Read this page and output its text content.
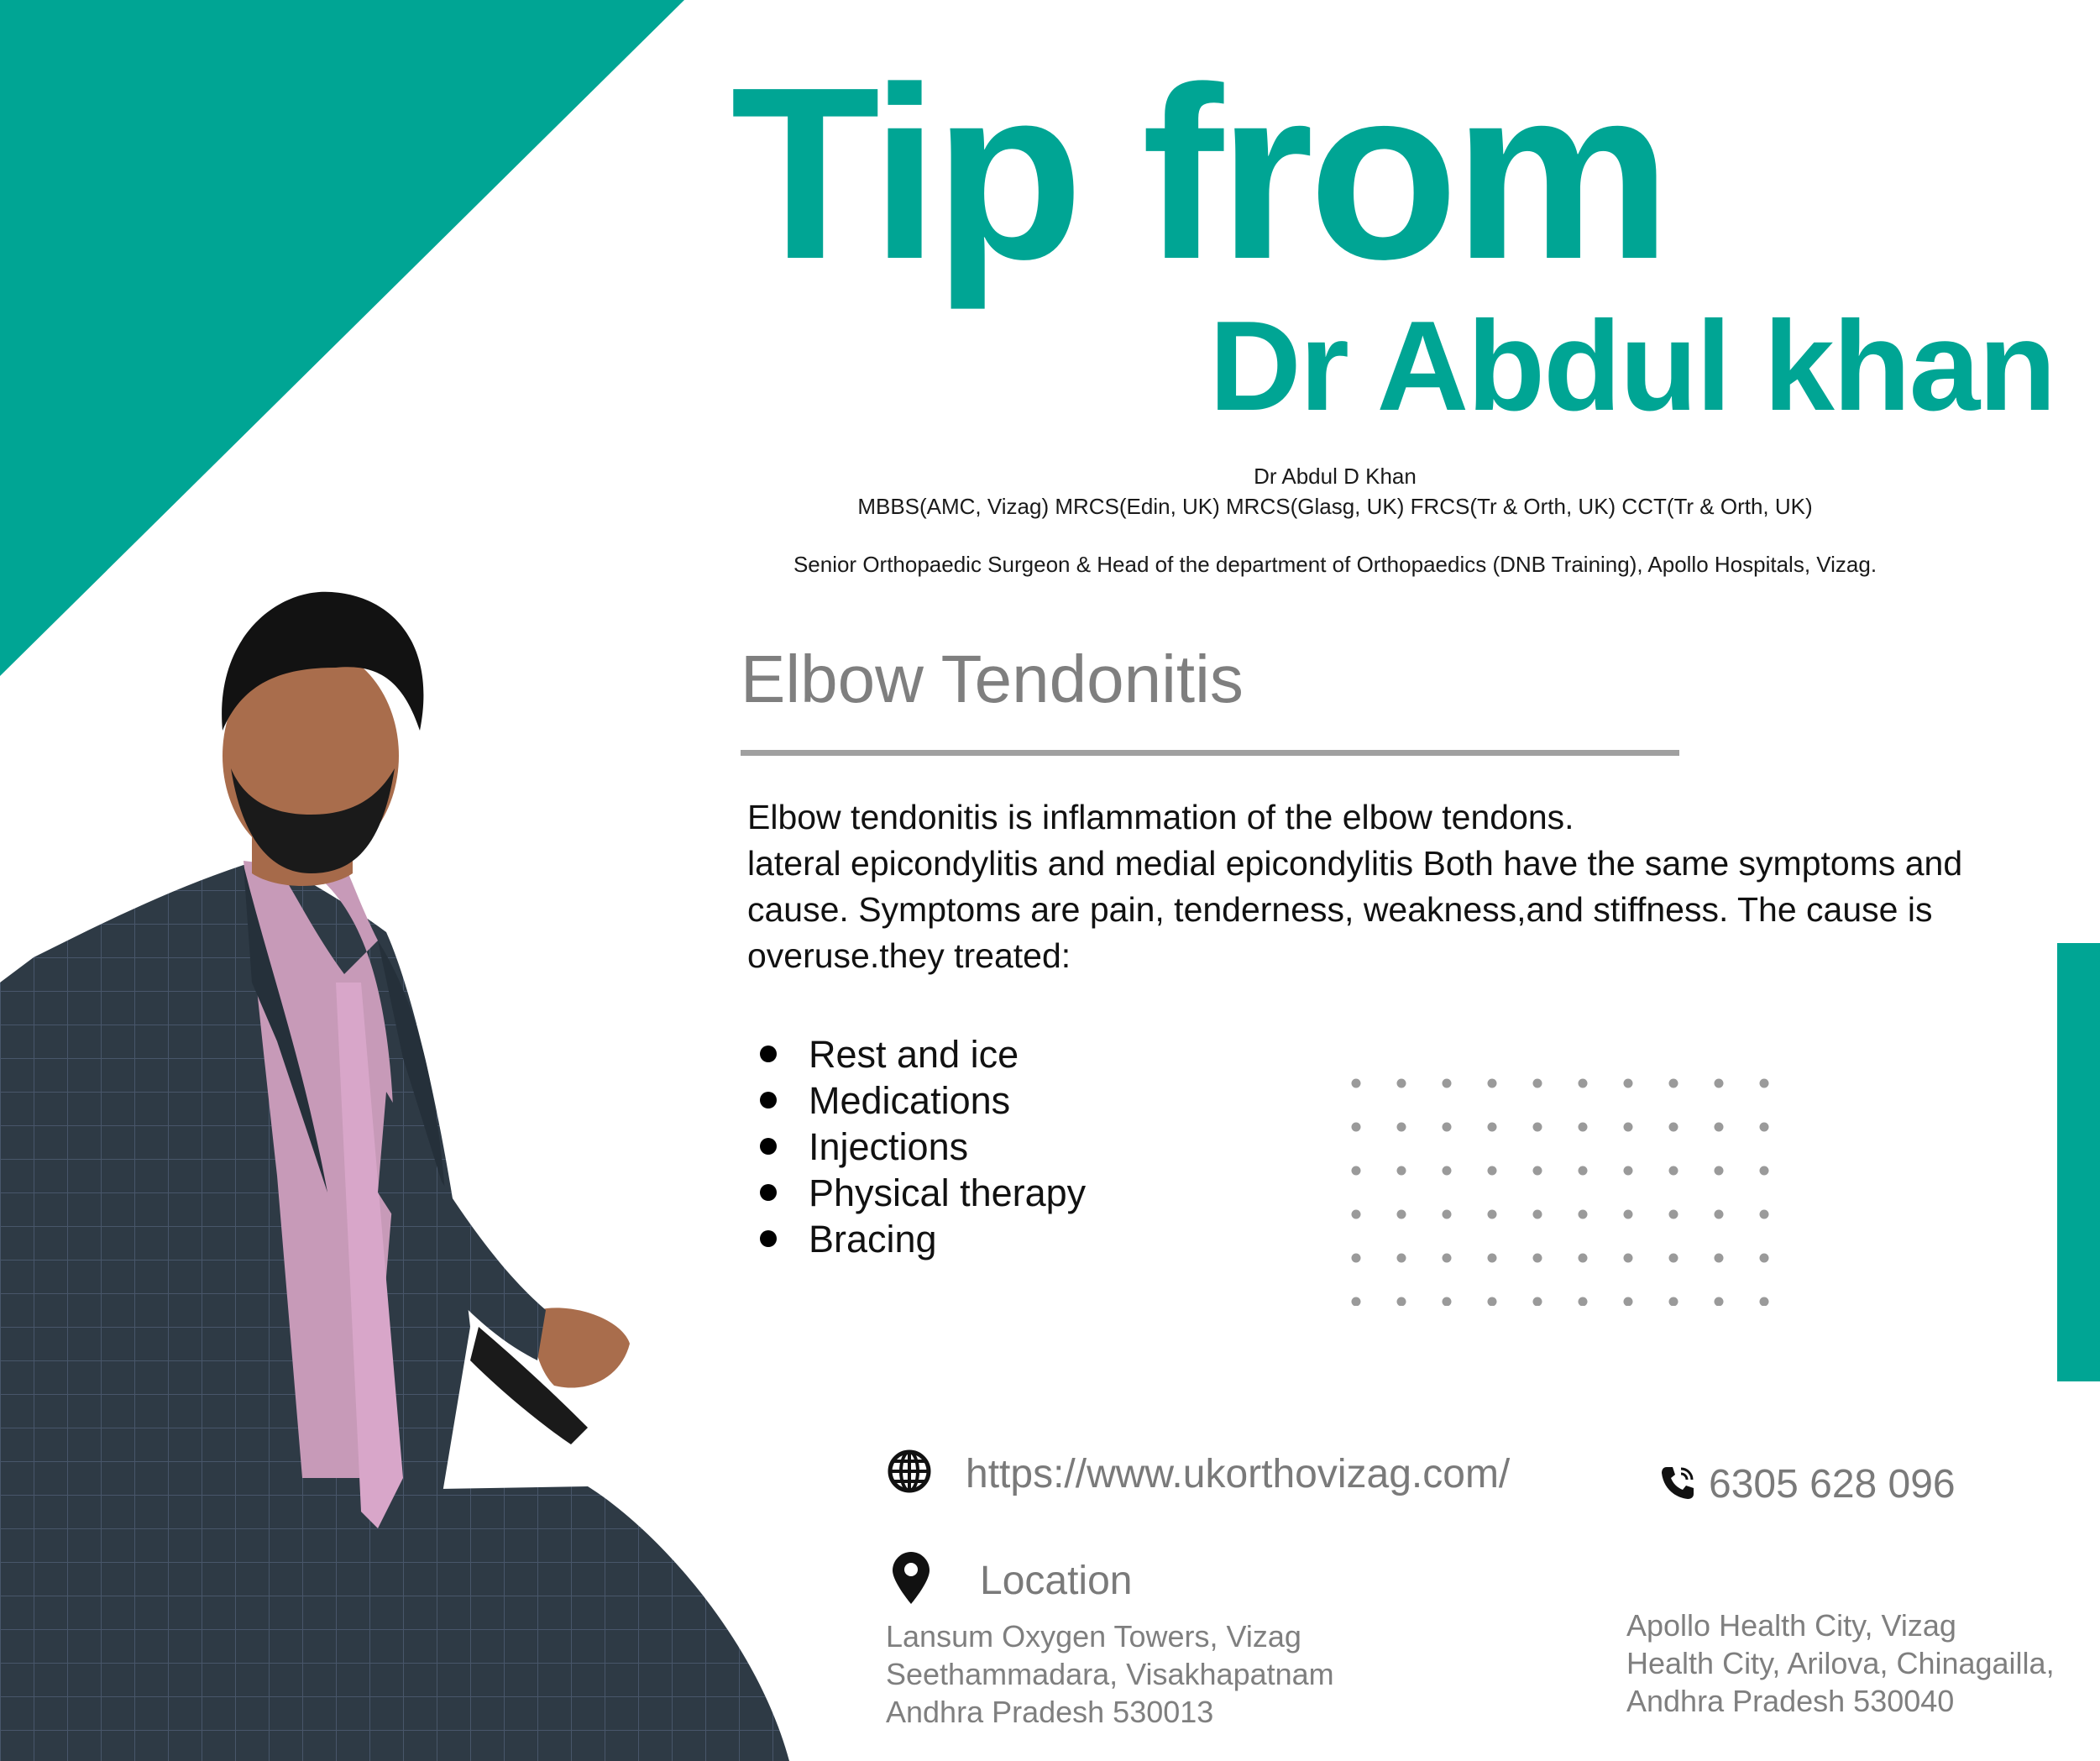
Tip from
Dr Abdul khan
Dr Abdul D Khan
MBBS(AMC, Vizag) MRCS(Edin, UK) MRCS(Glasg, UK) FRCS(Tr & Orth, UK) CCT(Tr & Orth, UK)
Senior Orthopaedic Surgeon & Head of the department of Orthopaedics (DNB Training), Apollo Hospitals, Vizag.
Elbow Tendonitis
Elbow tendonitis is inflammation of the elbow tendons.
lateral epicondylitis and medial epicondylitis Both have the same symptoms and
cause. Symptoms are pain, tenderness, weakness,and stiffness. The cause is
overuse.they treated:
Rest and ice
Medications
Injections
Physical therapy
Bracing
https://www.ukorthovizag.com/	6305 628 096
Location
Lansum Oxygen Towers, Vizag
Seethammadara, Visakhapatnam
Andhra Pradesh 530013
Apollo Health City, Vizag
Health City, Arilova, Chinagailla,
Andhra Pradesh 530040
